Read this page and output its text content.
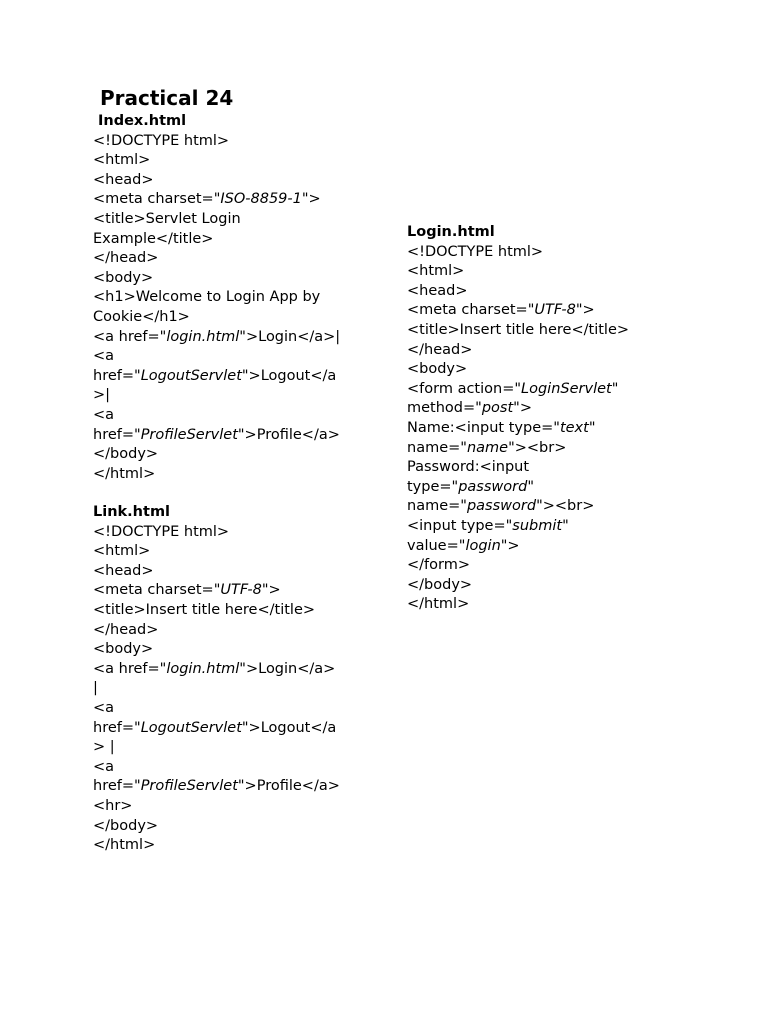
Practical 24
Index.html
<!DOCTYPE html>
<html>
<head>
<meta charset="ISO-8859-1">
<title>Servlet Login
Example</title>
</head>
<body>
<h1>Welcome to Login App by
Cookie</h1>
<a href="login.html">Login</a>|
<a
href="LogoutServlet">Logout</a
>|
<a
href="ProfileServlet">Profile</a>
</body>
</html>
Link.html
<!DOCTYPE html>
<html>
<head>
<meta charset="UTF-8">
<title>Insert title here</title>
</head>
<body>
<a href="login.html">Login</a>
|
<a
href="LogoutServlet">Logout</a
> |
<a
href="ProfileServlet">Profile</a>
<hr>
</body>
</html>
Login.html
<!DOCTYPE html>
<html>
<head>
<meta charset="UTF-8">
<title>Insert title here</title>
</head>
<body>
<form action="LoginServlet"
method="post">
Name:<input type="text"
name="name"><br>
Password:<input
type="password"
name="password"><br>
<input type="submit"
value="login">
</form>
</body>
</html>
